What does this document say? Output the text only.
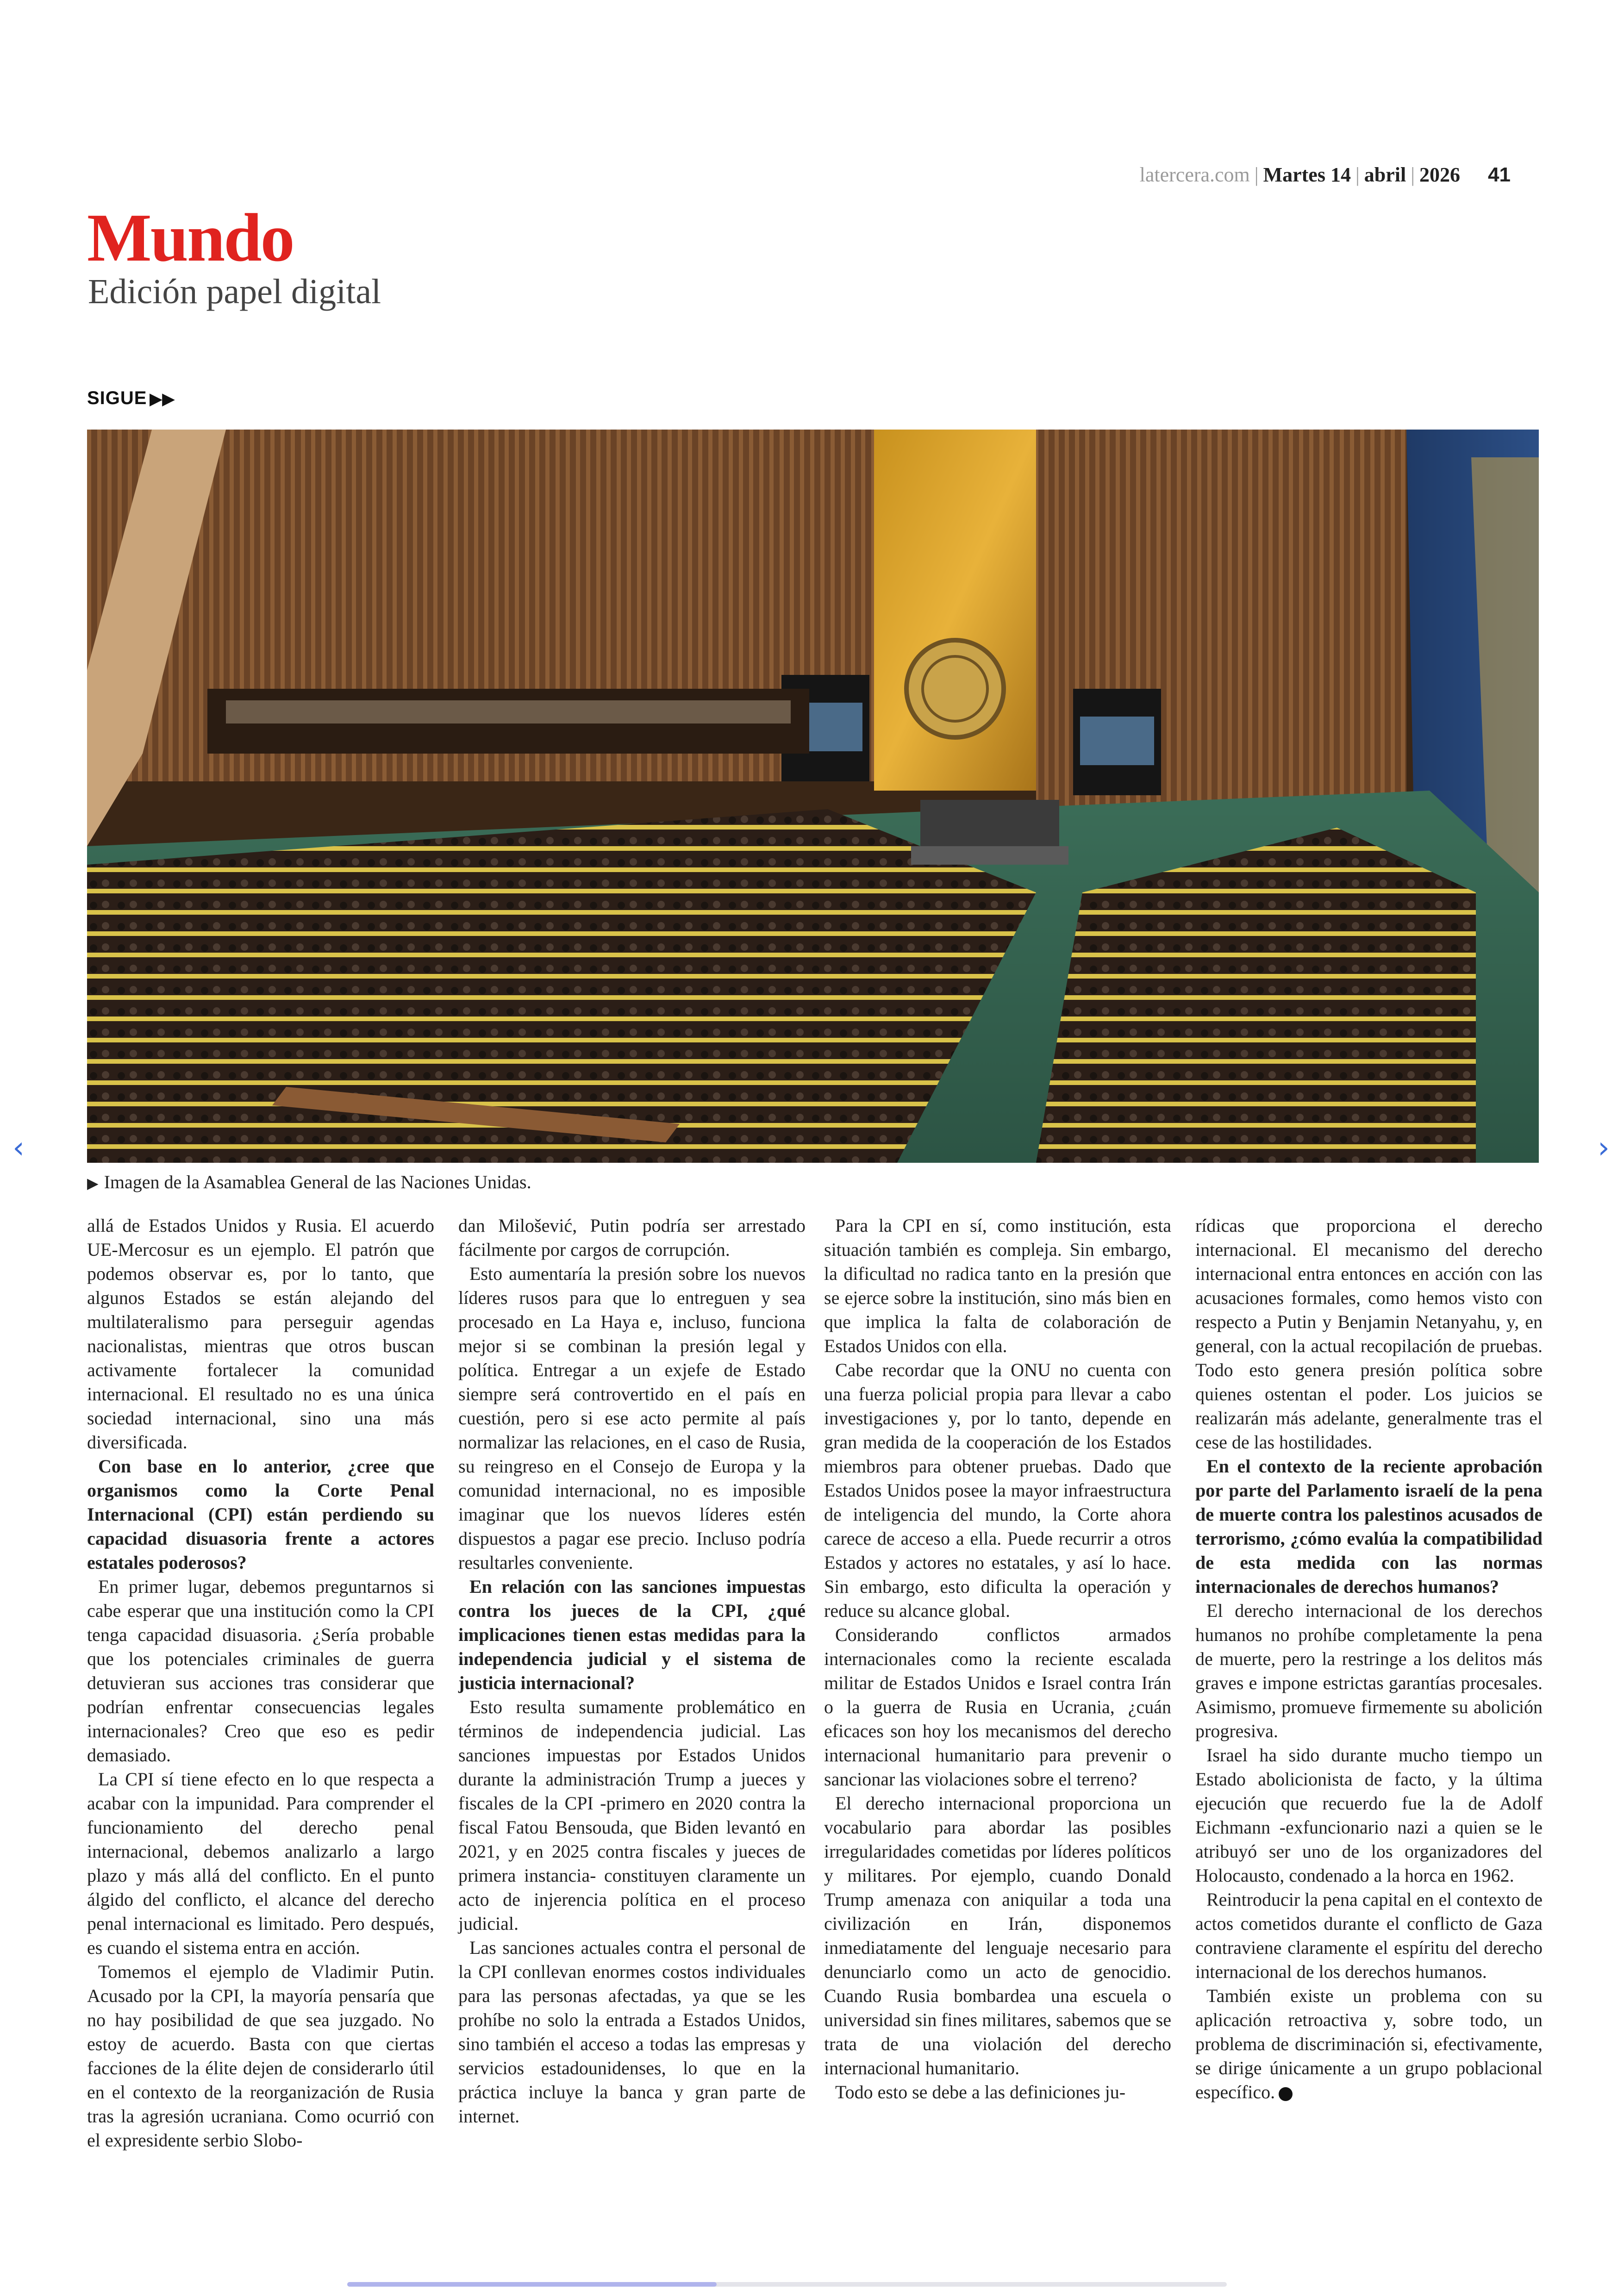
latercera.com | Martes 14 | abril | 2026 41
Mundo
Edición papel digital
SIGUE ▶▶
▶ Imagen de la Asamablea General de las Naciones Unidas.
‹	›

allá de Estados Unidos y Rusia. El acuerdo UE-Mercosur es un ejemplo. El patrón que podemos observar es, por lo tanto, que algunos Estados se están alejando del multilateralismo para perseguir agendas nacionalistas, mientras que otros buscan activamente fortalecer la comunidad internacional. El resultado no es una única sociedad internacional, sino una más diversificada.

Con base en lo anterior, ¿cree que organismos como la Corte Penal Internacional (CPI) están perdiendo su capacidad disuasoria frente a actores estatales poderosos?

En primer lugar, debemos preguntarnos si cabe esperar que una institución como la CPI tenga capacidad disuasoria. ¿Sería probable que los potenciales criminales de guerra detuvieran sus acciones tras considerar que podrían enfrentar consecuencias legales internacionales? Creo que eso es pedir demasiado.

La CPI sí tiene efecto en lo que respecta a acabar con la impunidad. Para comprender el funcionamiento del derecho penal internacional, debemos analizarlo a largo plazo y más allá del conflicto. En el punto álgido del conflicto, el alcance del derecho penal internacional es limitado. Pero después, es cuando el sistema entra en acción.

Tomemos el ejemplo de Vladimir Putin. Acusado por la CPI, la mayoría pensaría que no hay posibilidad de que sea juzgado. No estoy de acuerdo. Basta con que ciertas facciones de la élite dejen de considerarlo útil en el contexto de la reorganización de Rusia tras la agresión ucraniana. Como ocurrió con el expresidente serbio Slobo-

dan Milošević, Putin podría ser arrestado fácilmente por cargos de corrupción.

Esto aumentaría la presión sobre los nuevos líderes rusos para que lo entreguen y sea procesado en La Haya e, incluso, funciona mejor si se combinan la presión legal y política. Entregar a un exjefe de Estado siempre será controvertido en el país en cuestión, pero si ese acto permite al país normalizar las relaciones, en el caso de Rusia, su reingreso en el Consejo de Europa y la comunidad internacional, no es imposible imaginar que los nuevos líderes estén dispuestos a pagar ese precio. Incluso podría resultarles conveniente.

En relación con las sanciones impuestas contra los jueces de la CPI, ¿qué implicaciones tienen estas medidas para la independencia judicial y el sistema de justicia internacional?

Esto resulta sumamente problemático en términos de independencia judicial. Las sanciones impuestas por Estados Unidos durante la administración Trump a jueces y fiscales de la CPI -primero en 2020 contra la fiscal Fatou Bensouda, que Biden levantó en 2021, y en 2025 contra fiscales y jueces de primera instancia- constituyen claramente un acto de injerencia política en el proceso judicial.

Las sanciones actuales contra el personal de la CPI conllevan enormes costos individuales para las personas afectadas, ya que se les prohíbe no solo la entrada a Estados Unidos, sino también el acceso a todas las empresas y servicios estadounidenses, lo que en la práctica incluye la banca y gran parte de internet.

Para la CPI en sí, como institución, esta situación también es compleja. Sin embargo, la dificultad no radica tanto en la presión que se ejerce sobre la institución, sino más bien en que implica la falta de colaboración de Estados Unidos con ella.

Cabe recordar que la ONU no cuenta con una fuerza policial propia para llevar a cabo investigaciones y, por lo tanto, depende en gran medida de la cooperación de los Estados miembros para obtener pruebas. Dado que Estados Unidos posee la mayor infraestructura de inteligencia del mundo, la Corte ahora carece de acceso a ella. Puede recurrir a otros Estados y actores no estatales, y así lo hace. Sin embargo, esto dificulta la operación y reduce su alcance global.

Considerando conflictos armados internacionales como la reciente escalada militar de Estados Unidos e Israel contra Irán o la guerra de Rusia en Ucrania, ¿cuán eficaces son hoy los mecanismos del derecho internacional humanitario para prevenir o sancionar las violaciones sobre el terreno?

El derecho internacional proporciona un vocabulario para abordar las posibles irregularidades cometidas por líderes políticos y militares. Por ejemplo, cuando Donald Trump amenaza con aniquilar a toda una civilización en Irán, disponemos inmediatamente del lenguaje necesario para denunciarlo como un acto de genocidio. Cuando Rusia bombardea una escuela o universidad sin fines militares, sabemos que se trata de una violación del derecho internacional humanitario.

Todo esto se debe a las definiciones ju-

rídicas que proporciona el derecho internacional. El mecanismo del derecho internacional entra entonces en acción con las acusaciones formales, como hemos visto con respecto a Putin y Benjamin Netanyahu, y, en general, con la actual recopilación de pruebas. Todo esto genera presión política sobre quienes ostentan el poder. Los juicios se realizarán más adelante, generalmente tras el cese de las hostilidades.

En el contexto de la reciente aprobación por parte del Parlamento israelí de la pena de muerte contra los palestinos acusados de terrorismo, ¿cómo evalúa la compatibilidad de esta medida con las normas internacionales de derechos humanos?

El derecho internacional de los derechos humanos no prohíbe completamente la pena de muerte, pero la restringe a los delitos más graves e impone estrictas garantías procesales. Asimismo, promueve firmemente su abolición progresiva.

Israel ha sido durante mucho tiempo un Estado abolicionista de facto, y la última ejecución que recuerdo fue la de Adolf Eichmann -exfuncionario nazi a quien se le atribuyó ser uno de los organizadores del Holocausto, condenado a la horca en 1962.

Reintroducir la pena capital en el contexto de actos cometidos durante el conflicto de Gaza contraviene claramente el espíritu del derecho internacional de los derechos humanos.

También existe un problema con su aplicación retroactiva y, sobre todo, un problema de discriminación si, efectivamente, se dirige únicamente a un grupo poblacional específico.
